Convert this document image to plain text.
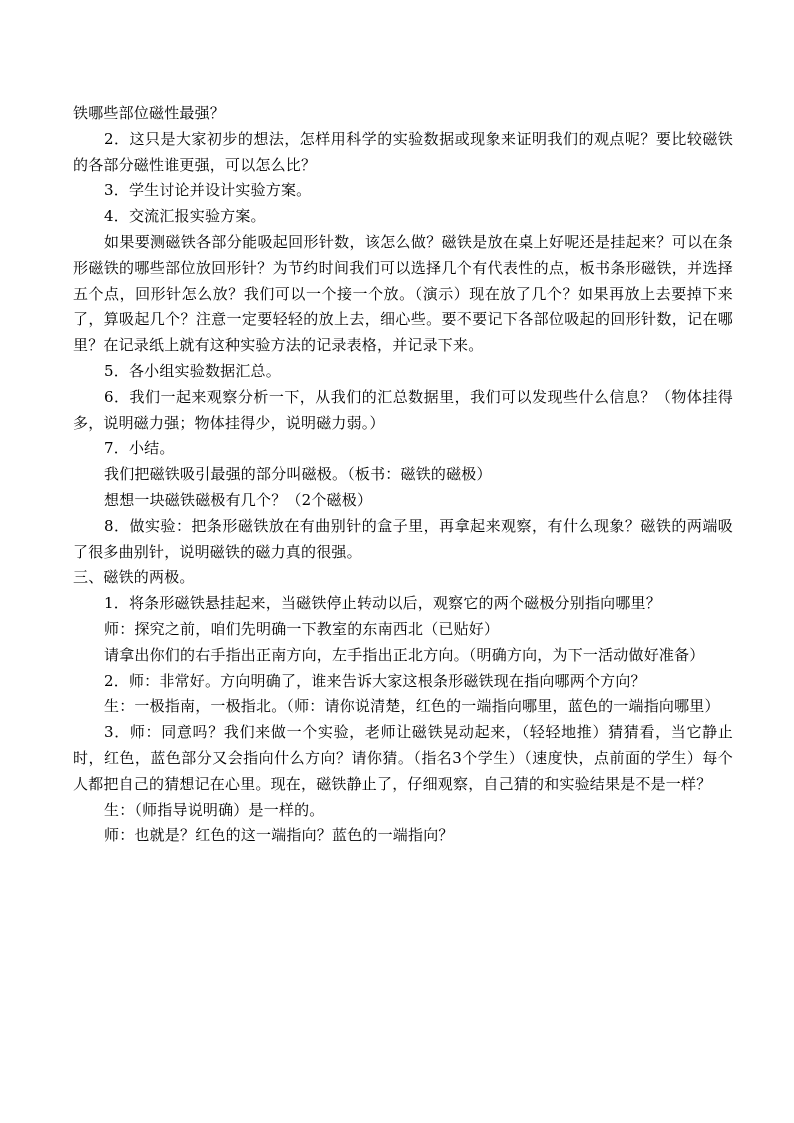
铁哪些部位磁性最强？

2．这只是大家初步的想法，怎样用科学的实验数据或现象来证明我们的观点呢？要比较磁铁的各部分磁性谁更强，可以怎么比？

3．学生讨论并设计实验方案。

4．交流汇报实验方案。

如果要测磁铁各部分能吸起回形针数，该怎么做？磁铁是放在桌上好呢还是挂起来？可以在条形磁铁的哪些部位放回形针？为节约时间我们可以选择几个有代表性的点，板书条形磁铁，并选择五个点，回形针怎么放？我们可以一个接一个放。（演示）现在放了几个？如果再放上去要掉下来了，算吸起几个？注意一定要轻轻的放上去，细心些。要不要记下各部位吸起的回形针数，记在哪里？在记录纸上就有这种实验方法的记录表格，并记录下来。

5．各小组实验数据汇总。

6．我们一起来观察分析一下，从我们的汇总数据里，我们可以发现些什么信息？（物体挂得多，说明磁力强；物体挂得少，说明磁力弱。）

7．小结。

我们把磁铁吸引最强的部分叫磁极。（板书：磁铁的磁极）

想想一块磁铁磁极有几个？（2个磁极）

8．做实验：把条形磁铁放在有曲别针的盒子里，再拿起来观察，有什么现象？磁铁的两端吸了很多曲别针，说明磁铁的磁力真的很强。

三、磁铁的两极。

1．将条形磁铁悬挂起来，当磁铁停止转动以后，观察它的两个磁极分别指向哪里？

师：探究之前，咱们先明确一下教室的东南西北（已贴好）

请拿出你们的右手指出正南方向，左手指出正北方向。（明确方向，为下一活动做好准备）

2．师：非常好。方向明确了，谁来告诉大家这根条形磁铁现在指向哪两个方向？

生：一极指南，一极指北。（师：请你说清楚，红色的一端指向哪里，蓝色的一端指向哪里）

3．师：同意吗？我们来做一个实验，老师让磁铁晃动起来，（轻轻地推）猜猜看，当它静止时，红色，蓝色部分又会指向什么方向？请你猜。（指名3个学生）（速度快，点前面的学生）每个人都把自己的猜想记在心里。现在，磁铁静止了，仔细观察，自己猜的和实验结果是不是一样？

生：（师指导说明确）是一样的。

师：也就是？红色的这一端指向？蓝色的一端指向？
